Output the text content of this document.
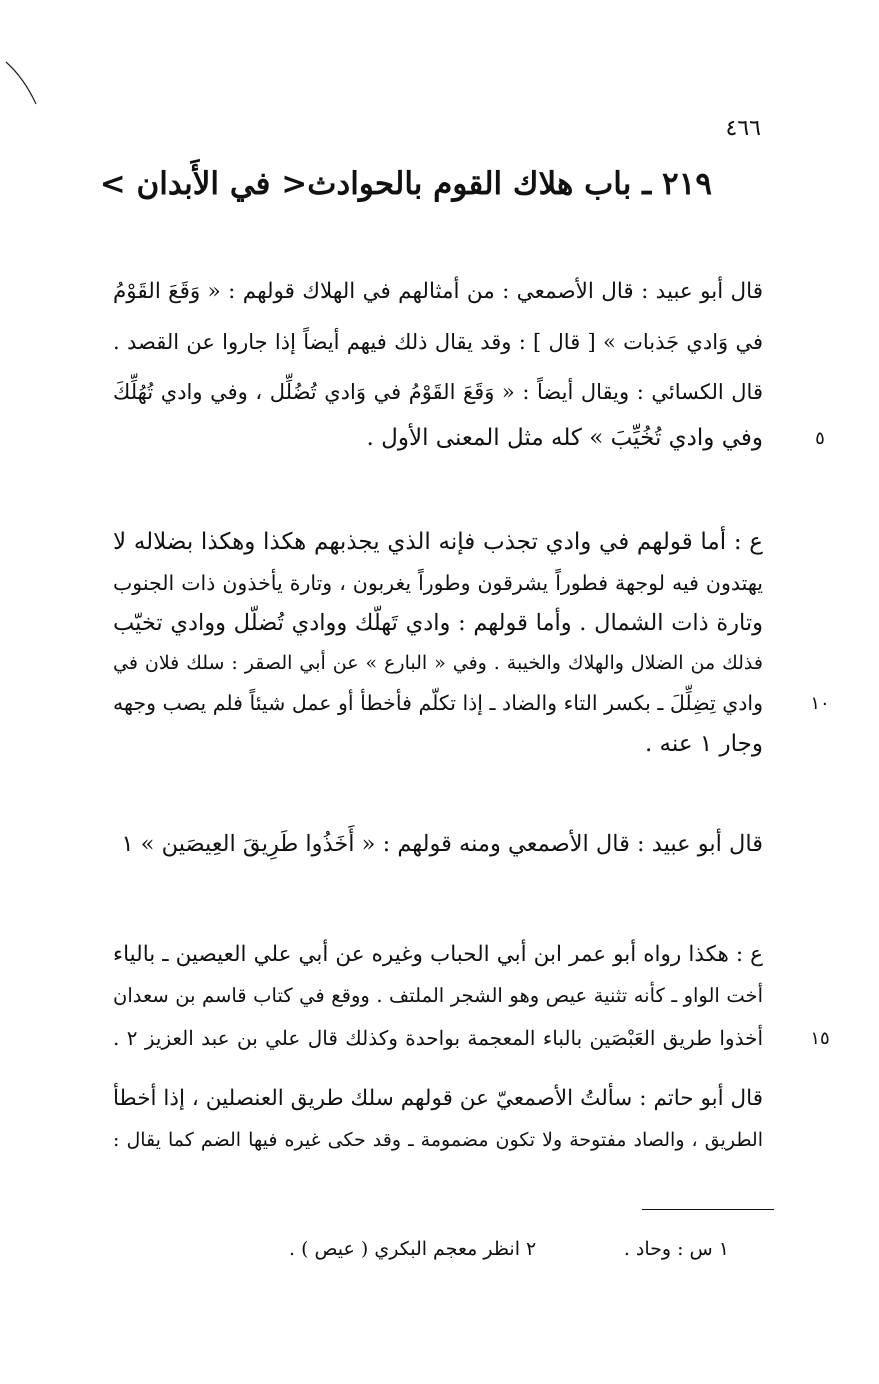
٤٦٦
٢١٩ ـ باب هلاك القوم بالحوادث< في الأَبدان >
قال أبو عبيد : قال الأصمعي : من أمثالهم في الهلاك قولهم : « وَقَعَ القَوْمُ
في وَادي جَذبات » [ قال ] : وقد يقال ذلك فيهم أيضاً إذا جاروا عن القصد .
قال الكسائي : ويقال أيضاً : « وَقَعَ القَوْمُ في وَادي تُضُلِّل ، وفي وادي تُهُلِّكَ
وفي وادي تُخُيِّبَ » كله مثل المعنى الأول .	٥
ع : أما قولهم في وادي تجذب فإنه الذي يجذبهم هكذا وهكذا بضلاله لا
يهتدون فيه لوجهة فطوراً يشرقون وطوراً يغربون ، وتارة يأخذون ذات الجنوب
وتارة ذات الشمال . وأما قولهم : وادي تَهلّك ووادي تُضلّل ووادي تخيّب
فذلك من الضلال والهلاك والخيبة . وفي « البارع » عن أبي الصقر : سلك فلان في
وادي تِضِلِّلَ ـ بكسر التاء والضاد ـ إذا تكلّم فأخطأ أو عمل شيئاً فلم يصب وجهه	١٠
وجار ١ عنه .
قال أبو عبيد : قال الأصمعي ومنه قولهم : « أَخَذُوا طَرِيقَ العِيصَين » ١
ع : هكذا رواه أبو عمر ابن أبي الحباب وغيره عن أبي علي العيصين ـ بالياء
أخت الواو ـ كأنه تثنية عيص وهو الشجر الملتف . ووقع في كتاب قاسم بن سعدان
أخذوا طريق العَبْصَين بالباء المعجمة بواحدة وكذلك قال علي بن عبد العزيز ٢ .	١٥
قال أبو حاتم : سألتُ الأصمعيّ عن قولهم سلك طريق العنصلين ، إذا أخطأ
الطريق ، والصاد مفتوحة ولا تكون مضمومة ـ وقد حكى غيره فيها الضم كما يقال :
١ س : وحاد .
٢ انظر معجم البكري ( عيص ) .
